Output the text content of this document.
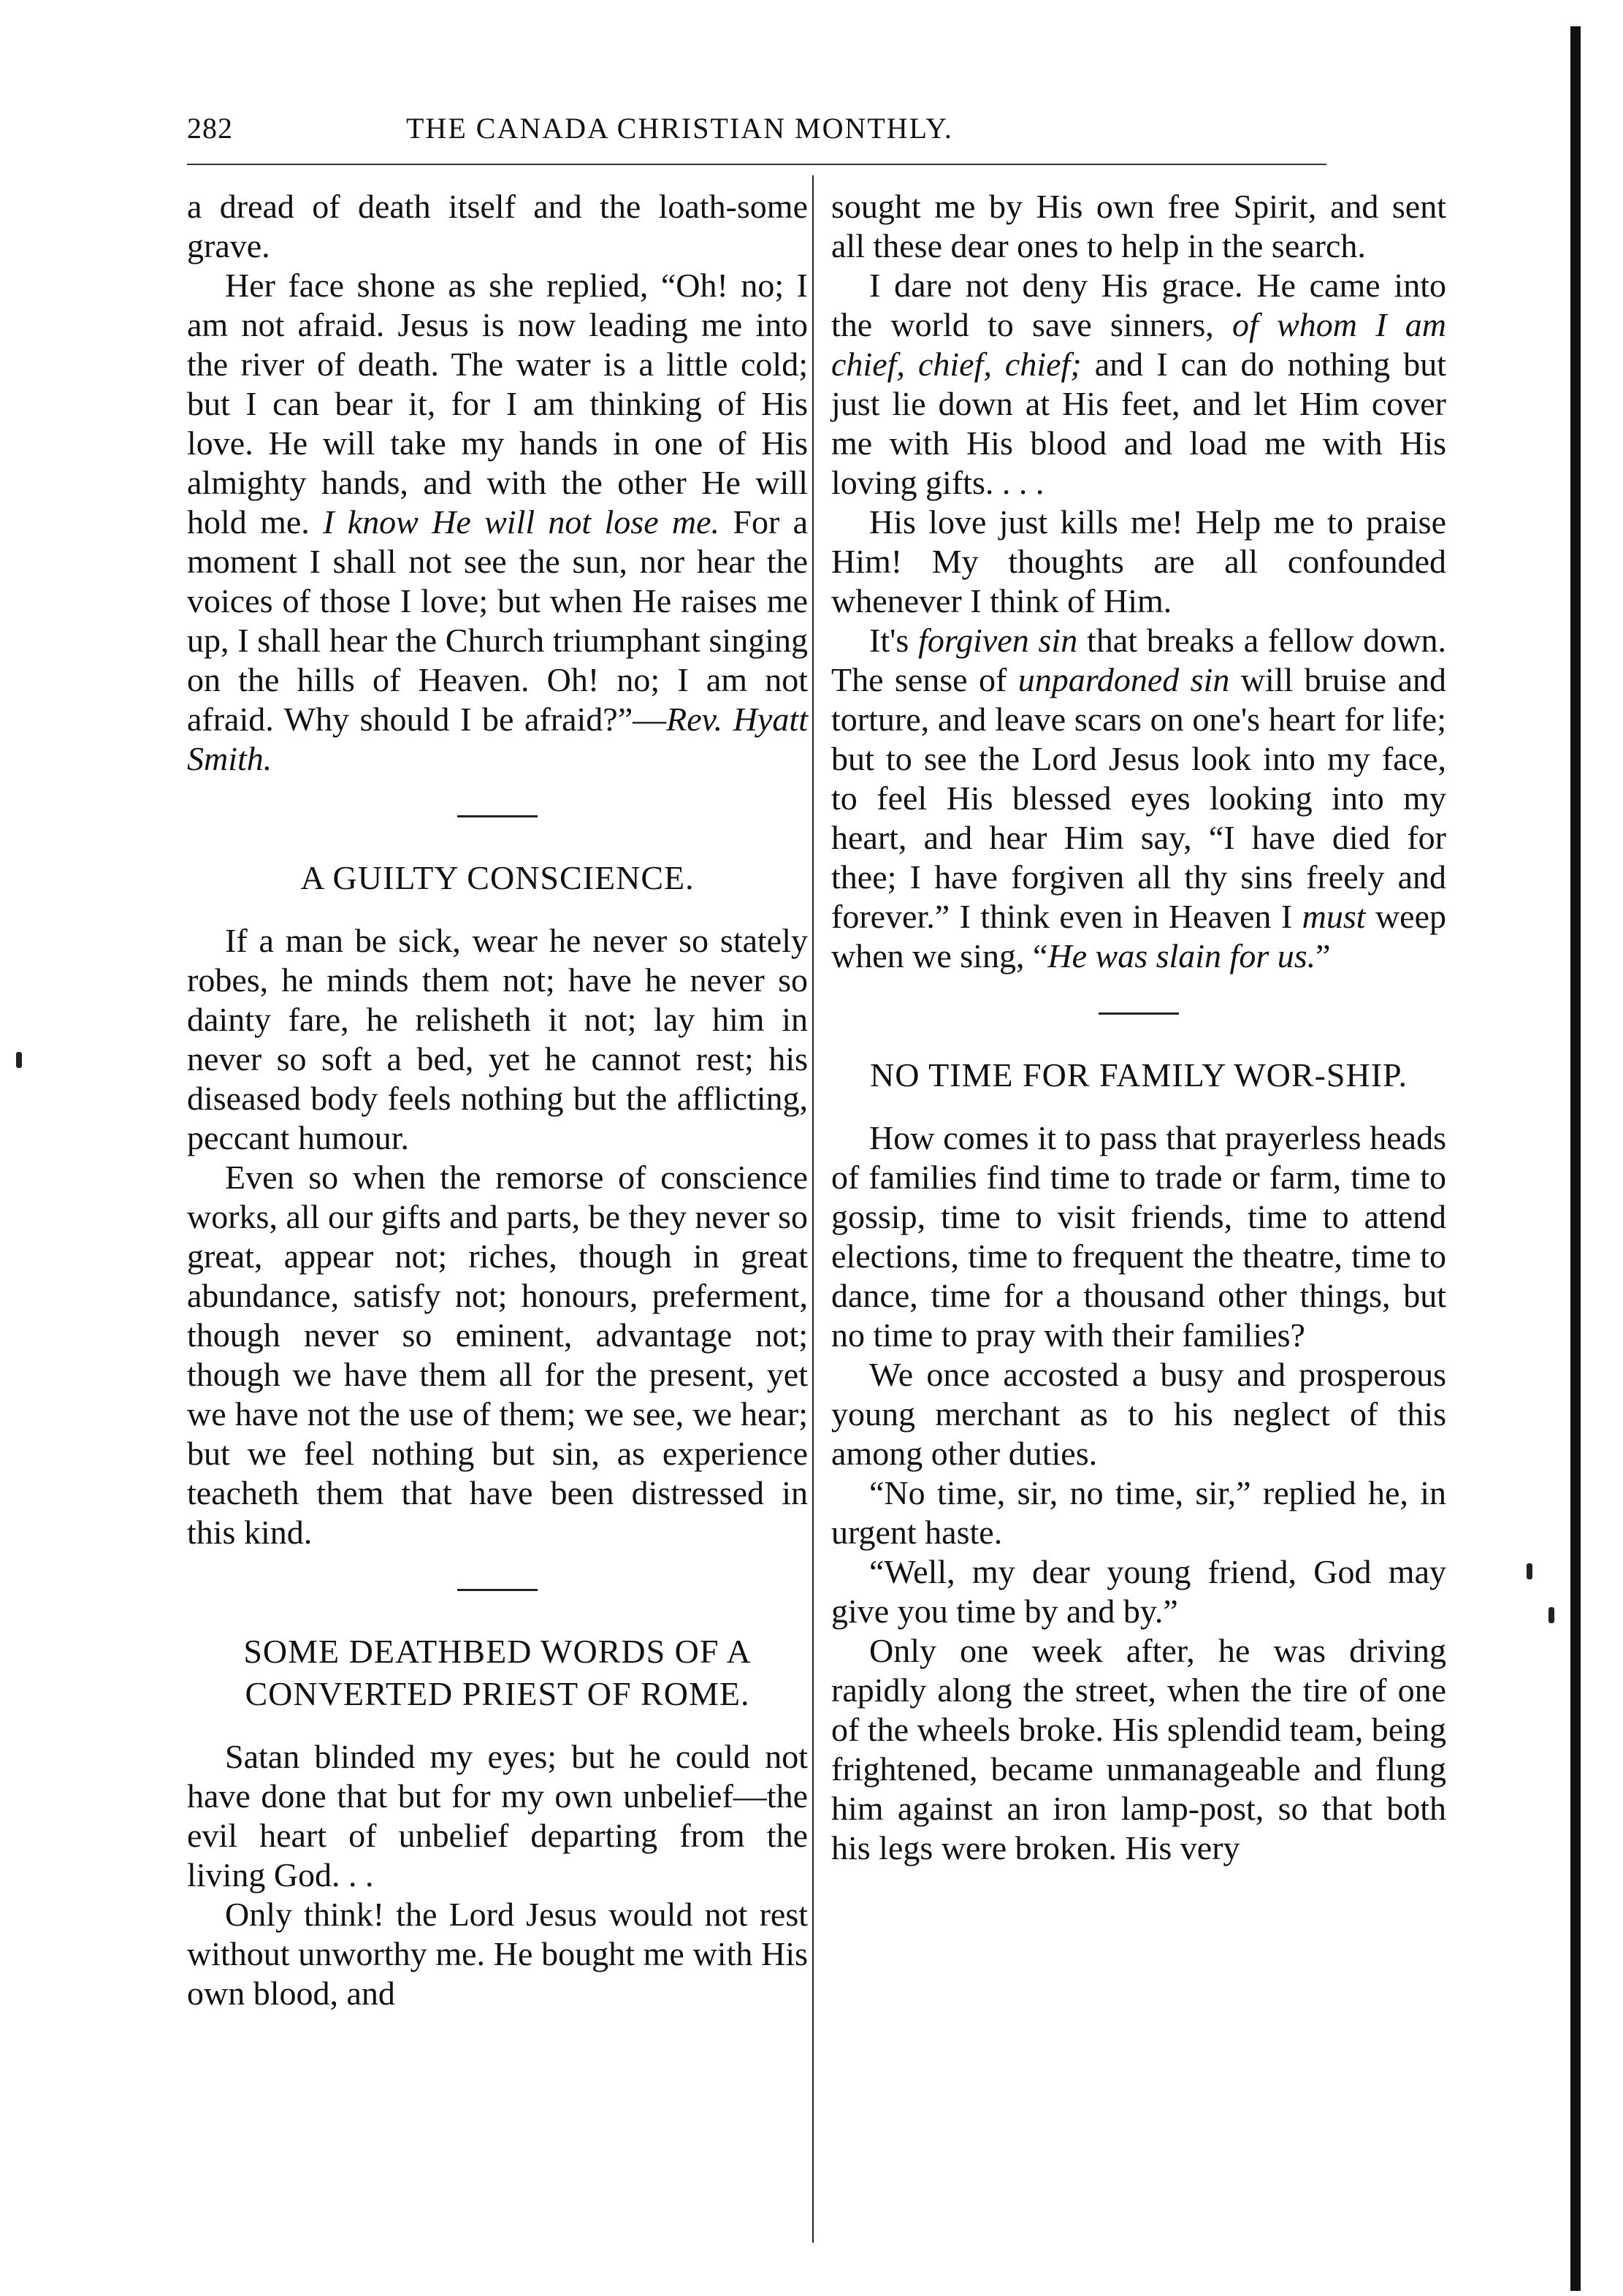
282	THE CANADA CHRISTIAN MONTHLY.

a dread of death itself and the loath-some grave.

Her face shone as she replied, “Oh! no; I am not afraid. Jesus is now leading me into the river of death. The water is a little cold; but I can bear it, for I am thinking of His love. He will take my hands in one of His almighty hands, and with the other He will hold me. I know He will not lose me. For a moment I shall not see the sun, nor hear the voices of those I love; but when He raises me up, I shall hear the Church triumphant singing on the hills of Heaven. Oh! no; I am not afraid. Why should I be afraid?”—Rev. Hyatt Smith.

A GUILTY CONSCIENCE.

If a man be sick, wear he never so stately robes, he minds them not; have he never so dainty fare, he relisheth it not; lay him in never so soft a bed, yet he cannot rest; his diseased body feels nothing but the afflicting, peccant humour.

Even so when the remorse of conscience works, all our gifts and parts, be they never so great, appear not; riches, though in great abundance, satisfy not; honours, preferment, though never so eminent, advantage not; though we have them all for the present, yet we have not the use of them; we see, we hear; but we feel nothing but sin, as experience teacheth them that have been distressed in this kind.

SOME DEATHBED WORDS OF A CONVERTED PRIEST OF ROME.

Satan blinded my eyes; but he could not have done that but for my own unbelief—the evil heart of unbelief departing from the living God. . .

Only think! the Lord Jesus would not rest without unworthy me. He bought me with His own blood, and

sought me by His own free Spirit, and sent all these dear ones to help in the search.

I dare not deny His grace. He came into the world to save sinners, of whom I am chief, chief, chief; and I can do nothing but just lie down at His feet, and let Him cover me with His blood and load me with His loving gifts. . . .

His love just kills me! Help me to praise Him! My thoughts are all confounded whenever I think of Him.

It's forgiven sin that breaks a fellow down. The sense of unpardoned sin will bruise and torture, and leave scars on one's heart for life; but to see the Lord Jesus look into my face, to feel His blessed eyes looking into my heart, and hear Him say, “I have died for thee; I have forgiven all thy sins freely and forever.” I think even in Heaven I must weep when we sing, “He was slain for us.”

NO TIME FOR FAMILY WOR-SHIP.

How comes it to pass that prayerless heads of families find time to trade or farm, time to gossip, time to visit friends, time to attend elections, time to frequent the theatre, time to dance, time for a thousand other things, but no time to pray with their families?

We once accosted a busy and prosperous young merchant as to his neglect of this among other duties.

“No time, sir, no time, sir,” replied he, in urgent haste.

“Well, my dear young friend, God may give you time by and by.”

Only one week after, he was driving rapidly along the street, when the tire of one of the wheels broke. His splendid team, being frightened, became unmanageable and flung him against an iron lamp-post, so that both his legs were broken. His very
